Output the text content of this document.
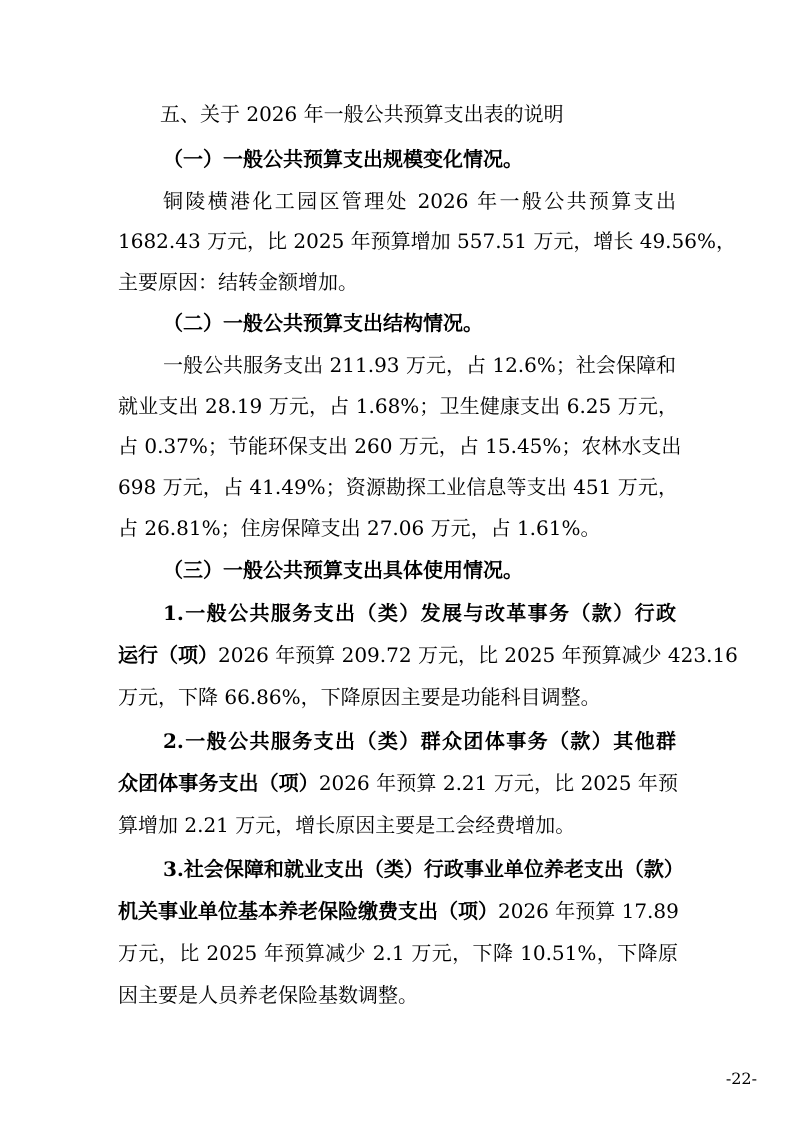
五、关于 2026 年一般公共预算支出表的说明
（一）一般公共预算支出规模变化情况。
铜陵横港化工园区管理处 2026 年一般公共预算支出
1682.43 万元，比 2025 年预算增加 557.51 万元，增长 49.56%，
主要原因：结转金额增加。
（二）一般公共预算支出结构情况。
一般公共服务支出 211.93 万元，占 12.6%；社会保障和
就业支出 28.19 万元，占 1.68%；卫生健康支出 6.25 万元，
占 0.37%；节能环保支出 260 万元，占 15.45%；农林水支出
698 万元，占 41.49%；资源勘探工业信息等支出 451 万元，
占 26.81%；住房保障支出 27.06 万元，占 1.61%。
（三）一般公共预算支出具体使用情况。
1.一般公共服务支出（类）发展与改革事务（款）行政
运行（项）2026 年预算 209.72 万元，比 2025 年预算减少 423.16
万元，下降 66.86%，下降原因主要是功能科目调整。
2.一般公共服务支出（类）群众团体事务（款）其他群
众团体事务支出（项）2026 年预算 2.21 万元，比 2025 年预
算增加 2.21 万元，增长原因主要是工会经费增加。
3.社会保障和就业支出（类）行政事业单位养老支出（款）
机关事业单位基本养老保险缴费支出（项）2026 年预算 17.89
万元，比 2025 年预算减少 2.1 万元，下降 10.51%，下降原
因主要是人员养老保险基数调整。
-22-
